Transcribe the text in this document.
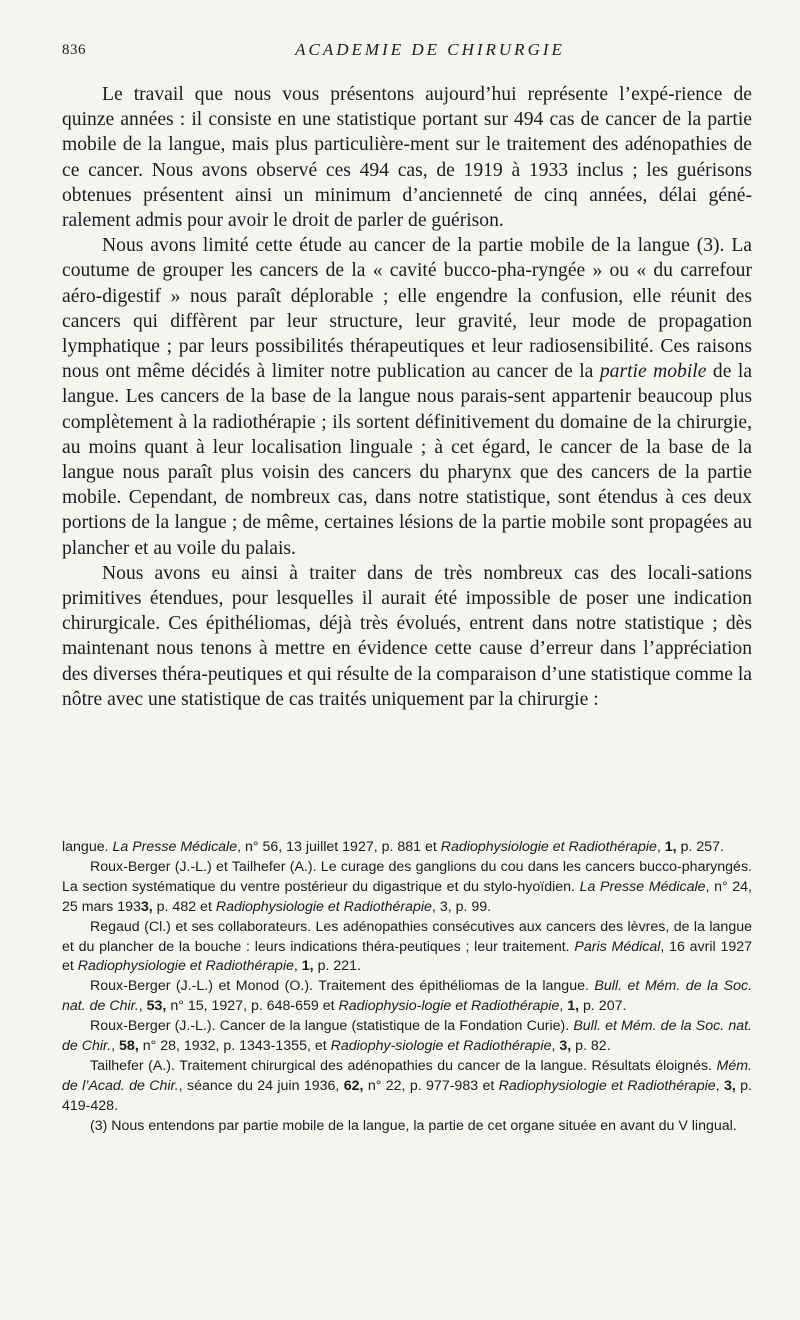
836	ACADEMIE DE CHIRURGIE

Le travail que nous vous présentons aujourd’hui représente l’expé-rience de quinze années : il consiste en une statistique portant sur 494 cas de cancer de la partie mobile de la langue, mais plus particulière-ment sur le traitement des adénopathies de ce cancer. Nous avons observé ces 494 cas, de 1919 à 1933 inclus ; les guérisons obtenues présentent ainsi un minimum d’ancienneté de cinq années, délai géné-ralement admis pour avoir le droit de parler de guérison.

Nous avons limité cette étude au cancer de la partie mobile de la langue (3). La coutume de grouper les cancers de la « cavité bucco-pha-ryngée » ou « du carrefour aéro-digestif » nous paraît déplorable ; elle engendre la confusion, elle réunit des cancers qui diffèrent par leur structure, leur gravité, leur mode de propagation lymphatique ; par leurs possibilités thérapeutiques et leur radiosensibilité. Ces raisons nous ont même décidés à limiter notre publication au cancer de la partie mobile de la langue. Les cancers de la base de la langue nous parais-sent appartenir beaucoup plus complètement à la radiothérapie ; ils sortent définitivement du domaine de la chirurgie, au moins quant à leur localisation linguale ; à cet égard, le cancer de la base de la langue nous paraît plus voisin des cancers du pharynx que des cancers de la partie mobile. Cependant, de nombreux cas, dans notre statistique, sont étendus à ces deux portions de la langue ; de même, certaines lésions de la partie mobile sont propagées au plancher et au voile du palais.

Nous avons eu ainsi à traiter dans de très nombreux cas des locali-sations primitives étendues, pour lesquelles il aurait été impossible de poser une indication chirurgicale. Ces épithéliomas, déjà très évolués, entrent dans notre statistique ; dès maintenant nous tenons à mettre en évidence cette cause d’erreur dans l’appréciation des diverses théra-peutiques et qui résulte de la comparaison d’une statistique comme la nôtre avec une statistique de cas traités uniquement par la chirurgie :

langue. La Presse Médicale, n° 56, 13 juillet 1927, p. 881 et Radiophysiologie et Radiothérapie, 1, p. 257.

Roux-Berger (J.-L.) et Tailhefer (A.). Le curage des ganglions du cou dans les cancers bucco-pharyngés. La section systématique du ventre postérieur du digastrique et du stylo-hyoïdien. La Presse Médicale, n° 24, 25 mars 1933, p. 482 et Radiophysiologie et Radiothérapie, 3, p. 99.

Regaud (Cl.) et ses collaborateurs. Les adénopathies consécutives aux cancers des lèvres, de la langue et du plancher de la bouche : leurs indications théra-peutiques ; leur traitement. Paris Médical, 16 avril 1927 et Radiophysiologie et Radiothérapie, 1, p. 221.

Roux-Berger (J.-L.) et Monod (O.). Traitement des épithéliomas de la langue. Bull. et Mém. de la Soc. nat. de Chir., 53, n° 15, 1927, p. 648-659 et Radiophysio-logie et Radiothérapie, 1, p. 207.

Roux-Berger (J.-L.). Cancer de la langue (statistique de la Fondation Curie). Bull. et Mém. de la Soc. nat. de Chir., 58, n° 28, 1932, p. 1343-1355, et Radiophy-siologie et Radiothérapie, 3, p. 82.

Tailhefer (A.). Traitement chirurgical des adénopathies du cancer de la langue. Résultats éloignés. Mém. de l’Acad. de Chir., séance du 24 juin 1936, 62, n° 22, p. 977-983 et Radiophysiologie et Radiothérapie, 3, p. 419-428.

(3) Nous entendons par partie mobile de la langue, la partie de cet organe située en avant du V lingual.
